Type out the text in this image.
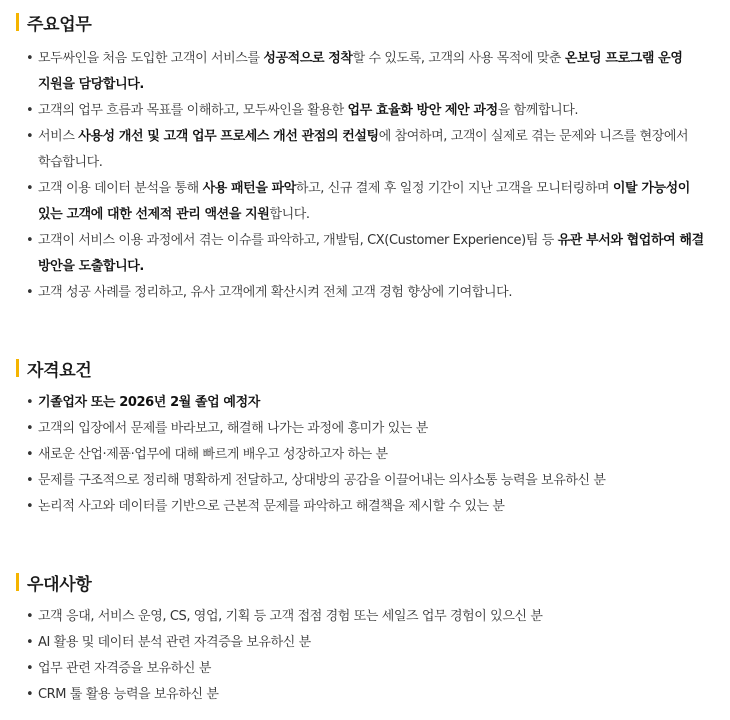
주요업무
• 모두싸인을 처음 도입한 고객이 서비스를 성공적으로 정착할 수 있도록, 고객의 사용 목적에 맞춘 온보딩 프로그램 운영 지원을 담당합니다.
• 고객의 업무 흐름과 목표를 이해하고, 모두싸인을 활용한 업무 효율화 방안 제안 과정을 함께합니다.
• 서비스 사용성 개선 및 고객 업무 프로세스 개선 관점의 컨설팅에 참여하며, 고객이 실제로 겪는 문제와 니즈를 현장에서 학습합니다.
• 고객 이용 데이터 분석을 통해 사용 패턴을 파악하고, 신규 결제 후 일정 기간이 지난 고객을 모니터링하며 이탈 가능성이 있는 고객에 대한 선제적 관리 액션을 지원합니다.
• 고객이 서비스 이용 과정에서 겪는 이슈를 파악하고, 개발팀, CX(Customer Experience)팀 등 유관 부서와 협업하여 해결 방안을 도출합니다.
• 고객 성공 사례를 정리하고, 유사 고객에게 확산시켜 전체 고객 경험 향상에 기여합니다.
자격요건
• 기졸업자 또는 2026년 2월 졸업 예정자
• 고객의 입장에서 문제를 바라보고, 해결해 나가는 과정에 흥미가 있는 분
• 새로운 산업·제품·업무에 대해 빠르게 배우고 성장하고자 하는 분
• 문제를 구조적으로 정리해 명확하게 전달하고, 상대방의 공감을 이끌어내는 의사소통 능력을 보유하신 분
• 논리적 사고와 데이터를 기반으로 근본적 문제를 파악하고 해결책을 제시할 수 있는 분
우대사항
• 고객 응대, 서비스 운영, CS, 영업, 기획 등 고객 접점 경험 또는 세일즈 업무 경험이 있으신 분
• AI 활용 및 데이터 분석 관련 자격증을 보유하신 분
• 업무 관련 자격증을 보유하신 분
• CRM 툴 활용 능력을 보유하신 분
